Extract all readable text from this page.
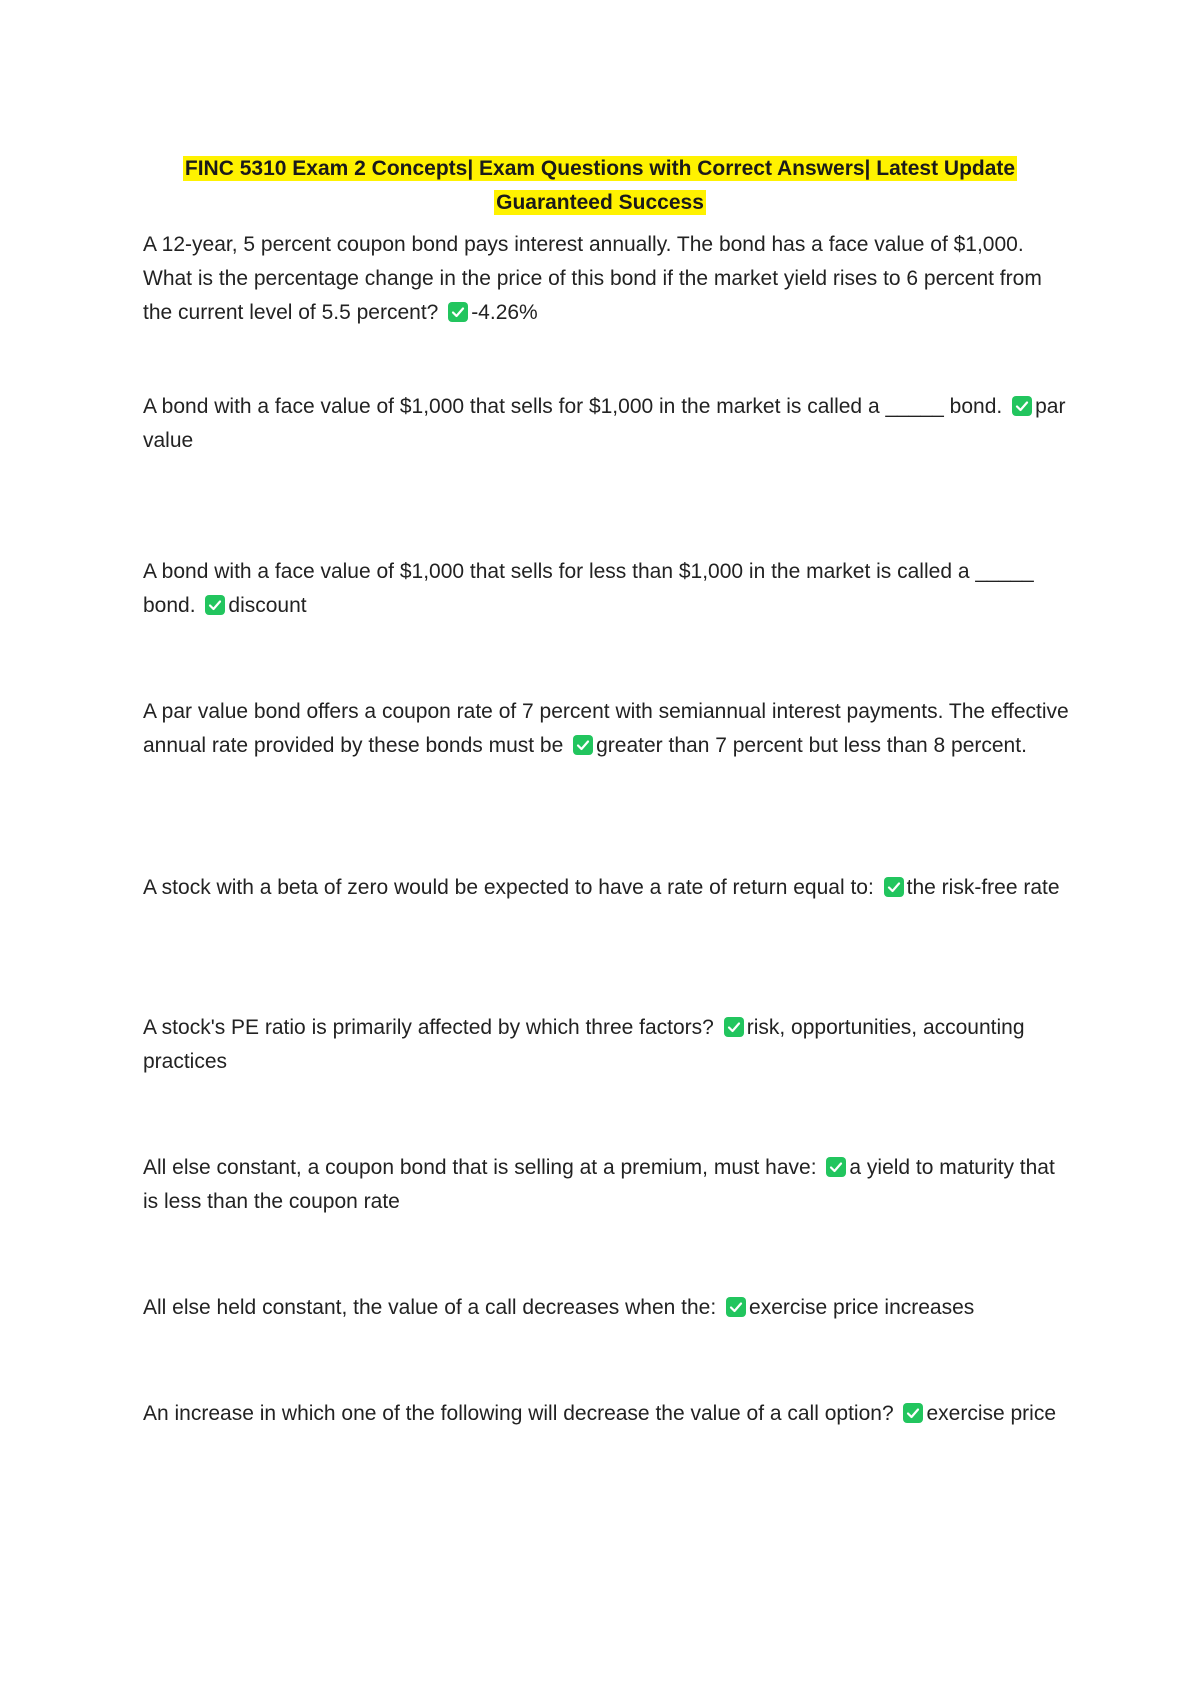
FINC 5310 Exam 2 Concepts| Exam Questions with Correct Answers| Latest Update
Guaranteed Success

A 12-year, 5 percent coupon bond pays interest annually. The bond has a face value of $1,000. What is the percentage change in the price of this bond if the market yield rises to 6 percent from the current level of 5.5 percent? -4.26%

A bond with a face value of $1,000 that sells for $1,000 in the market is called a _____ bond. par value

A bond with a face value of $1,000 that sells for less than $1,000 in the market is called a _____ bond. discount

A par value bond offers a coupon rate of 7 percent with semiannual interest payments. The effective annual rate provided by these bonds must be greater than 7 percent but less than 8 percent.

A stock with a beta of zero would be expected to have a rate of return equal to: the risk-free rate

A stock's PE ratio is primarily affected by which three factors? risk, opportunities, accounting practices

All else constant, a coupon bond that is selling at a premium, must have: a yield to maturity that is less than the coupon rate

All else held constant, the value of a call decreases when the: exercise price increases

An increase in which one of the following will decrease the value of a call option? exercise price
